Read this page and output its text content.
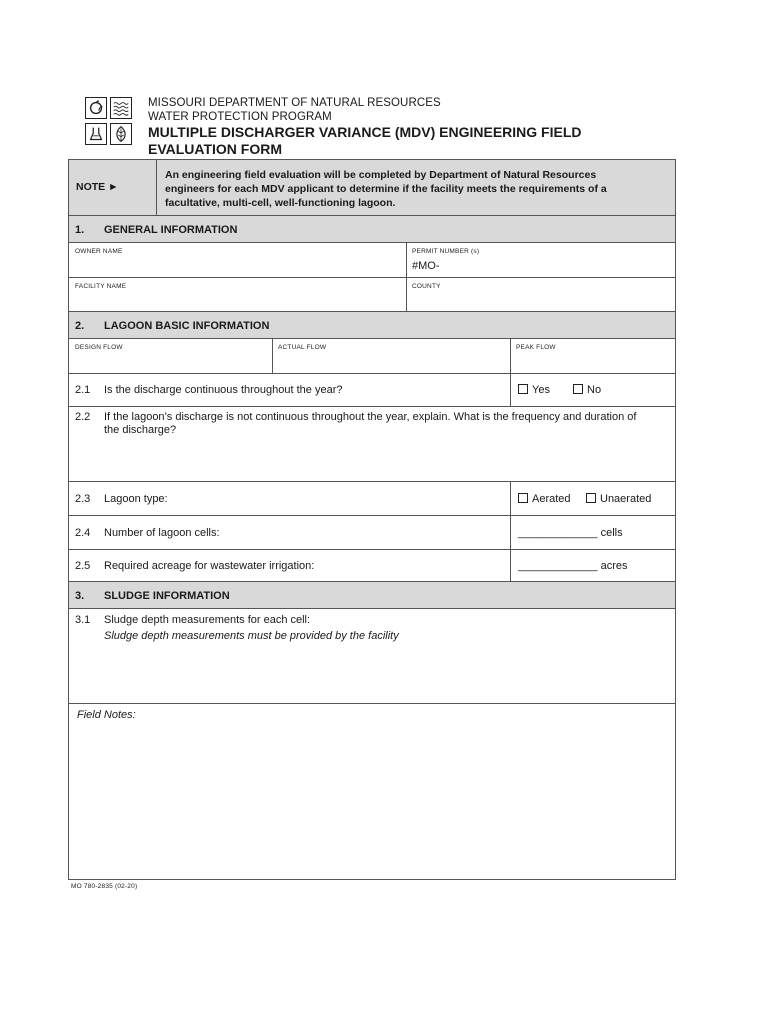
MISSOURI DEPARTMENT OF NATURAL RESOURCES
WATER PROTECTION PROGRAM
MULTIPLE DISCHARGER VARIANCE (MDV) ENGINEERING FIELD
EVALUATION FORM
NOTE ►
An engineering field evaluation will be completed by Department of Natural Resources
engineers for each MDV applicant to determine if the facility meets the requirements of a
facultative, multi-cell, well-functioning lagoon.
1. GENERAL INFORMATION
OWNER NAME	PERMIT NUMBER (s)
#MO-
FACILITY NAME	COUNTY
2. LAGOON BASIC INFORMATION
DESIGN FLOW	ACTUAL FLOW	PEAK FLOW
2.1 Is the discharge continuous throughout the year?	Yes	No
2.2 If the lagoon’s discharge is not continuous throughout the year, explain. What is the frequency and duration of
the discharge?
2.3 Lagoon type:	Aerated	Unaerated
2.4 Number of lagoon cells:	_____________ cells
2.5 Required acreage for wastewater irrigation:	_____________ acres
3. SLUDGE INFORMATION
3.1 Sludge depth measurements for each cell:
Sludge depth measurements must be provided by the facility
Field Notes:
MO 780-2835 (02-20)
